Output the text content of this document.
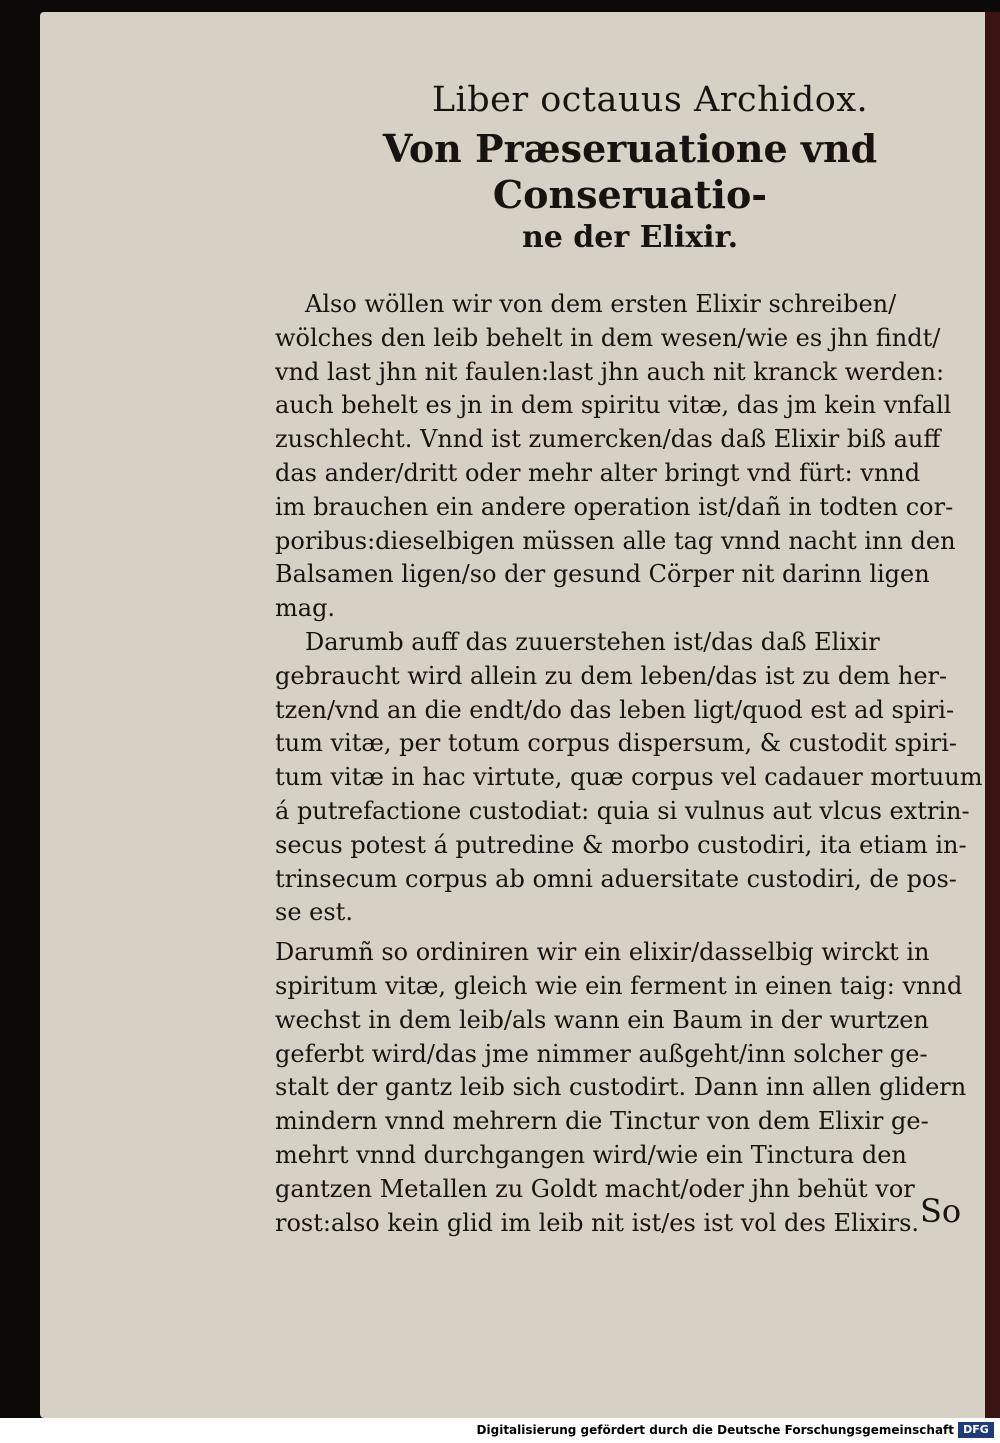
Liber octauus Archidox.
Von Præseruatione vnd Conseruatio-
ne der Elixir.
Also wöllen wir von dem ersten Elixir schreiben/
wölches den leib behelt in dem wesen/wie es jhn findt/
vnd last jhn nit faulen:last jhn auch nit kranck werden:
auch behelt es jn in dem spiritu vitæ, das jm kein vnfall
zuschlecht. Vnnd ist zumercken/das daß Elixir biß auff
das ander/dritt oder mehr alter bringt vnd fürt: vnnd
im brauchen ein andere operation ist/dañ in todten cor-
poribus:dieselbigen müssen alle tag vnnd nacht inn den
Balsamen ligen/so der gesund Cörper nit darinn ligen
mag.
Darumb auff das zuuerstehen ist/das daß Elixir
gebraucht wird allein zu dem leben/das ist zu dem her-
tzen/vnd an die endt/do das leben ligt/quod est ad spiri-
tum vitæ, per totum corpus dispersum, & custodit spiri-
tum vitæ in hac virtute, quæ corpus vel cadauer mortuum
á putrefactione custodiat: quia si vulnus aut vlcus extrin-
secus potest á putredine & morbo custodiri, ita etiam in-
trinsecum corpus ab omni aduersitate custodiri, de pos-
se est.
Darumñ so ordiniren wir ein elixir/dasselbig wirckt in
spiritum vitæ, gleich wie ein ferment in einen taig: vnnd
wechst in dem leib/als wann ein Baum in der wurtzen
geferbt wird/das jme nimmer außgeht/inn solcher ge-
stalt der gantz leib sich custodirt. Dann inn allen glidern
mindern vnnd mehrern die Tinctur von dem Elixir ge-
mehrt vnnd durchgangen wird/wie ein Tinctura den
gantzen Metallen zu Goldt macht/oder jhn behüt vor
rost:also kein glid im leib nit ist/es ist vol des Elixirs. So
Digitalisierung gefördert durch die Deutsche Forschungsgemeinschaft DFG
